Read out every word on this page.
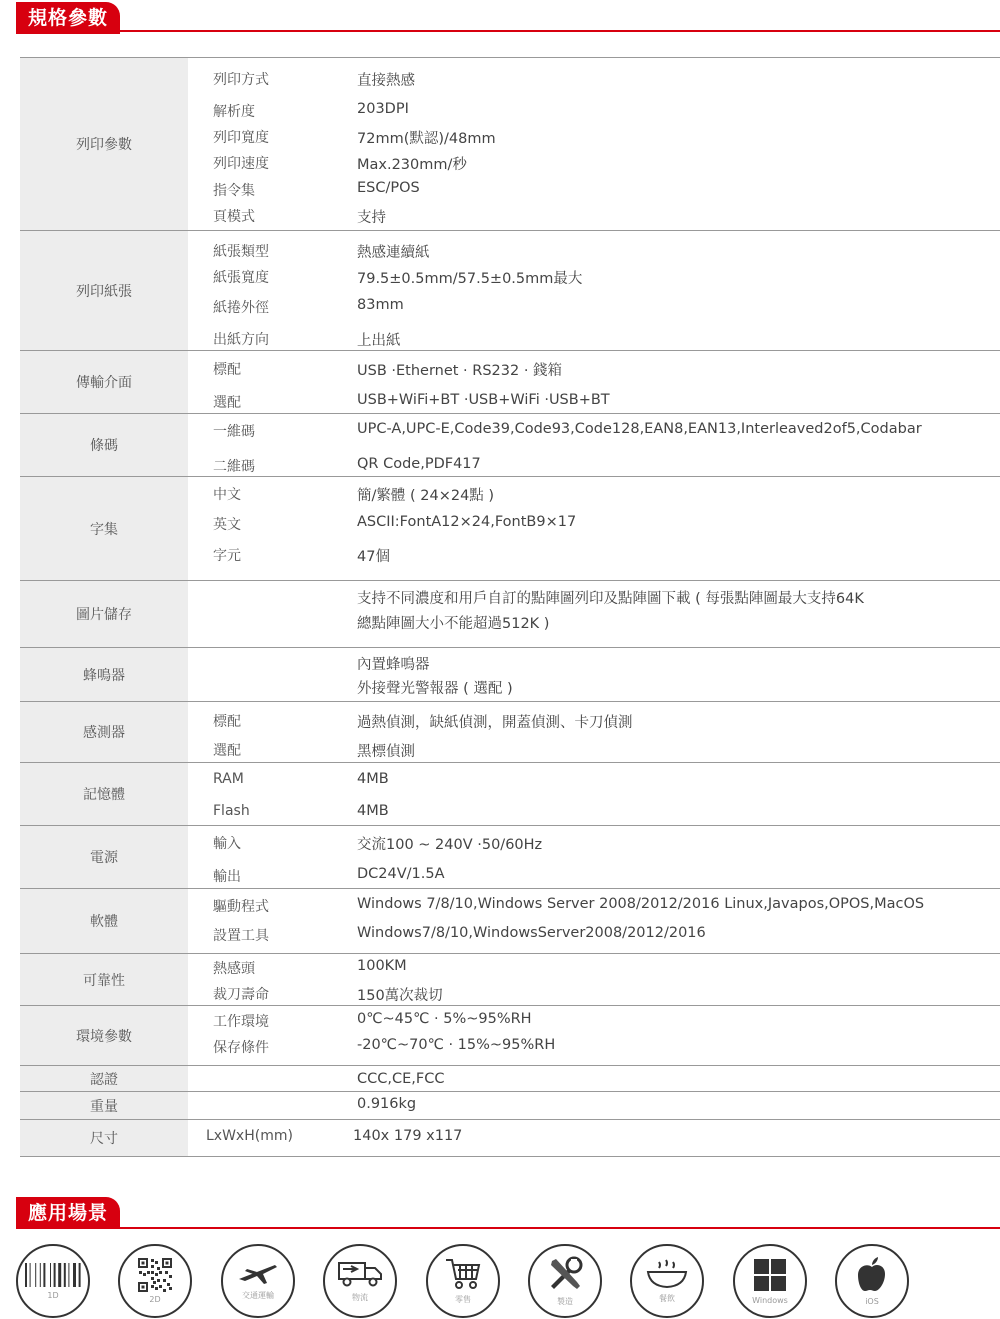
規格參數
列印參數
列印方式	直接熱感
解析度	203DPI
列印寬度	72mm(默認)/48mm
列印速度	Max.230mm/秒
指令集	ESC/POS
頁模式	支持
列印紙張
紙張類型	熱感連續紙
紙張寬度	79.5±0.5mm/57.5±0.5mm最大
紙捲外徑	83mm
出紙方向	上出紙
傳輸介面
標配	USB ·Ethernet · RS232 · 錢箱
選配	USB+WiFi+BT ·USB+WiFi ·USB+BT
條碼
一維碼	UPC-A,UPC-E,Code39,Code93,Code128,EAN8,EAN13,Interleaved2of5,Codabar
二維碼	QR Code,PDF417
字集
中文	簡/繁體 ( 24×24點 )
英文	ASCII:FontA12×24,FontB9×17
字元	47個
圖片儲存
支持不同濃度和用戶自訂的點陣圖列印及點陣圖下載 ( 每張點陣圖最大支持64K
總點陣圖大小不能超過512K )
蜂鳴器
內置蜂鳴器
外接聲光警報器 ( 選配 )
感測器
標配	過熱偵測，缺紙偵測，開蓋偵測、卡刀偵測
選配	黑標偵測
記憶體
RAM	4MB
Flash	4MB
電源
輸入	交流100 ~ 240V ·50/60Hz
輸出	DC24V/1.5A
軟體
驅動程式	Windows 7/8/10,Windows Server 2008/2012/2016 Linux,Javapos,OPOS,MacOS
設置工具	Windows7/8/10,WindowsServer2008/2012/2016
可靠性
熱感頭	100KM
裁刀壽命	150萬次裁切
環境參數
工作環境	0℃~45℃ · 5%~95%RH
保存條件	-20℃~70℃ · 15%~95%RH
認證	CCC,CE,FCC
重量	0.916kg
尺寸	LxWxH(mm)	140x 179 x117
應用場景
1D	2D	交通運輸	物流	零售	製造	餐飲	Windows	iOS
